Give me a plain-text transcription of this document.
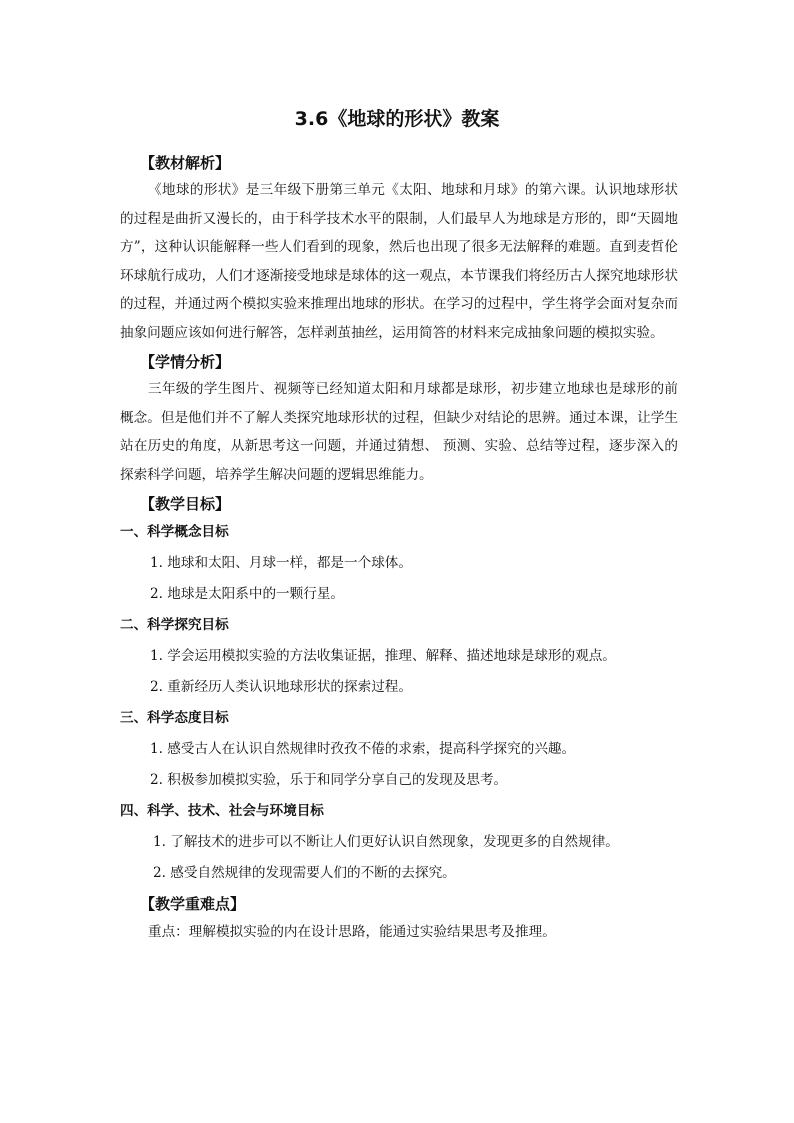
3.6《地球的形状》教案
【教材解析】

《地球的形状》是三年级下册第三单元《太阳、地球和月球》的第六课。认识地球形状的过程是曲折又漫长的，由于科学技术水平的限制，人们最早人为地球是方形的，即“天圆地方”，这种认识能解释一些人们看到的现象，然后也出现了很多无法解释的难题。直到麦哲伦环球航行成功，人们才逐渐接受地球是球体的这一观点，本节课我们将经历古人探究地球形状的过程，并通过两个模拟实验来推理出地球的形状。在学习的过程中，学生将学会面对复杂而抽象问题应该如何进行解答，怎样剥茧抽丝，运用简答的材料来完成抽象问题的模拟实验。

【学情分析】

三年级的学生图片、视频等已经知道太阳和月球都是球形，初步建立地球也是球形的前概念。但是他们并不了解人类探究地球形状的过程，但缺少对结论的思辨。通过本课，让学生站在历史的角度，从新思考这一问题，并通过猜想、 预测、实验、总结等过程，逐步深入的探索科学问题，培养学生解决问题的逻辑思维能力。

【教学目标】
一、科学概念目标
1. 地球和太阳、月球一样，都是一个球体。
2. 地球是太阳系中的一颗行星。
二、科学探究目标
1. 学会运用模拟实验的方法收集证据，推理、解释、描述地球是球形的观点。
2. 重新经历人类认识地球形状的探索过程。
三、科学态度目标
1. 感受古人在认识自然规律时孜孜不倦的求索，提高科学探究的兴趣。
2. 积极参加模拟实验，乐于和同学分享自己的发现及思考。
四、科学、技术、社会与环境目标
1. 了解技术的进步可以不断让人们更好认识自然现象，发现更多的自然规律。
2. 感受自然规律的发现需要人们的不断的去探究。
【教学重难点】
重点：理解模拟实验的内在设计思路，能通过实验结果思考及推理。
